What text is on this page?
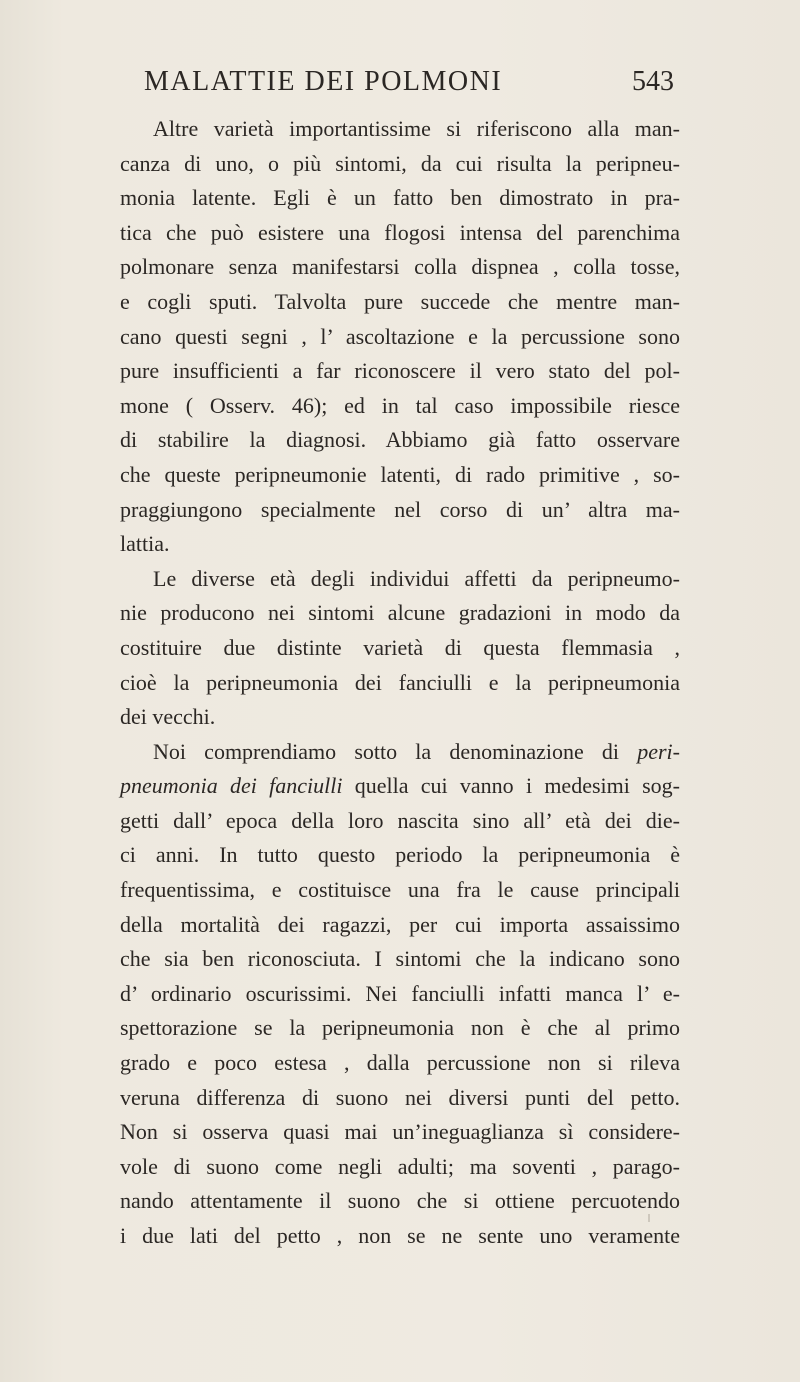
MALATTIE DEI POLMONI	543
Altre varietà importantissime si riferiscono alla man-
canza di uno, o più sintomi, da cui risulta la peripneu-
monia latente. Egli è un fatto ben dimostrato in pra-
tica che può esistere una flogosi intensa del parenchima
polmonare senza manifestarsi colla dispnea , colla tosse,
e cogli sputi. Talvolta pure succede che mentre man-
cano questi segni , l’ ascoltazione e la percussione sono
pure insufficienti a far riconoscere il vero stato del pol-
mone ( Osserv. 46); ed in tal caso impossibile riesce
di stabilire la diagnosi. Abbiamo già fatto osservare
che queste peripneumonie latenti, di rado primitive , so-
praggiungono specialmente nel corso di un’ altra ma-
lattia.
Le diverse età degli individui affetti da peripneumo-
nie producono nei sintomi alcune gradazioni in modo da
costituire due distinte varietà di questa flemmasia ,
cioè la peripneumonia dei fanciulli e la peripneumonia
dei vecchi.
Noi comprendiamo sotto la denominazione di peri-
pneumonia dei fanciulli quella cui vanno i medesimi sog-
getti dall’ epoca della loro nascita sino all’ età dei die-
ci anni. In tutto questo periodo la peripneumonia è
frequentissima, e costituisce una fra le cause principali
della mortalità dei ragazzi, per cui importa assaissimo
che sia ben riconosciuta. I sintomi che la indicano sono
d’ ordinario oscurissimi. Nei fanciulli infatti manca l’ e-
spettorazione se la peripneumonia non è che al primo
grado e poco estesa , dalla percussione non si rileva
veruna differenza di suono nei diversi punti del petto.
Non si osserva quasi mai un’ineguaglianza sì considere-
vole di suono come negli adulti; ma soventi , parago-
nando attentamente il suono che si ottiene percuotendo
i due lati del petto , non se ne sente uno veramente
